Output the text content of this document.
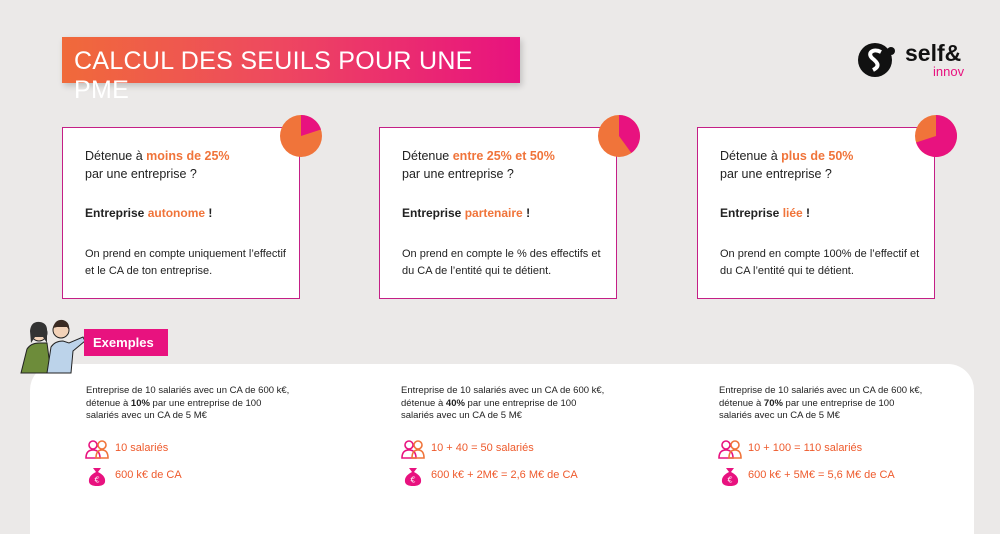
CALCUL DES SEUILS POUR UNE PME
self&
innov
Détenue à moins de 25%
par une entreprise ?
Entreprise autonome !
On prend en compte uniquement l’effectif et le CA de ton entreprise.
Détenue entre 25% et 50%
par une entreprise ?
Entreprise partenaire !
On prend en compte le % des effectifs et du CA de l’entité qui te détient.
Détenue à plus de 50%
par une entreprise ?
Entreprise liée !
On prend en compte 100% de l’effectif et du CA l’entité qui te détient.
Exemples
Entreprise de 10 salariés avec un CA de 600 k€,
détenue à 10% par une entreprise de 100
salariés avec un CA de 5 M€
Entreprise de 10 salariés avec un CA de 600 k€,
détenue à 40% par une entreprise de 100
salariés avec un CA de 5 M€
Entreprise de 10 salariés avec un CA de 600 k€,
détenue à 70% par une entreprise de 100
salariés avec un CA de 5 M€
10 salariés	10 + 40 = 50 salariés	10 + 100 = 110 salariés
€ 600 k€ de CA	€ 600 k€ + 2M€ = 2,6 M€ de CA	€ 600 k€ + 5M€ = 5,6 M€ de CA
